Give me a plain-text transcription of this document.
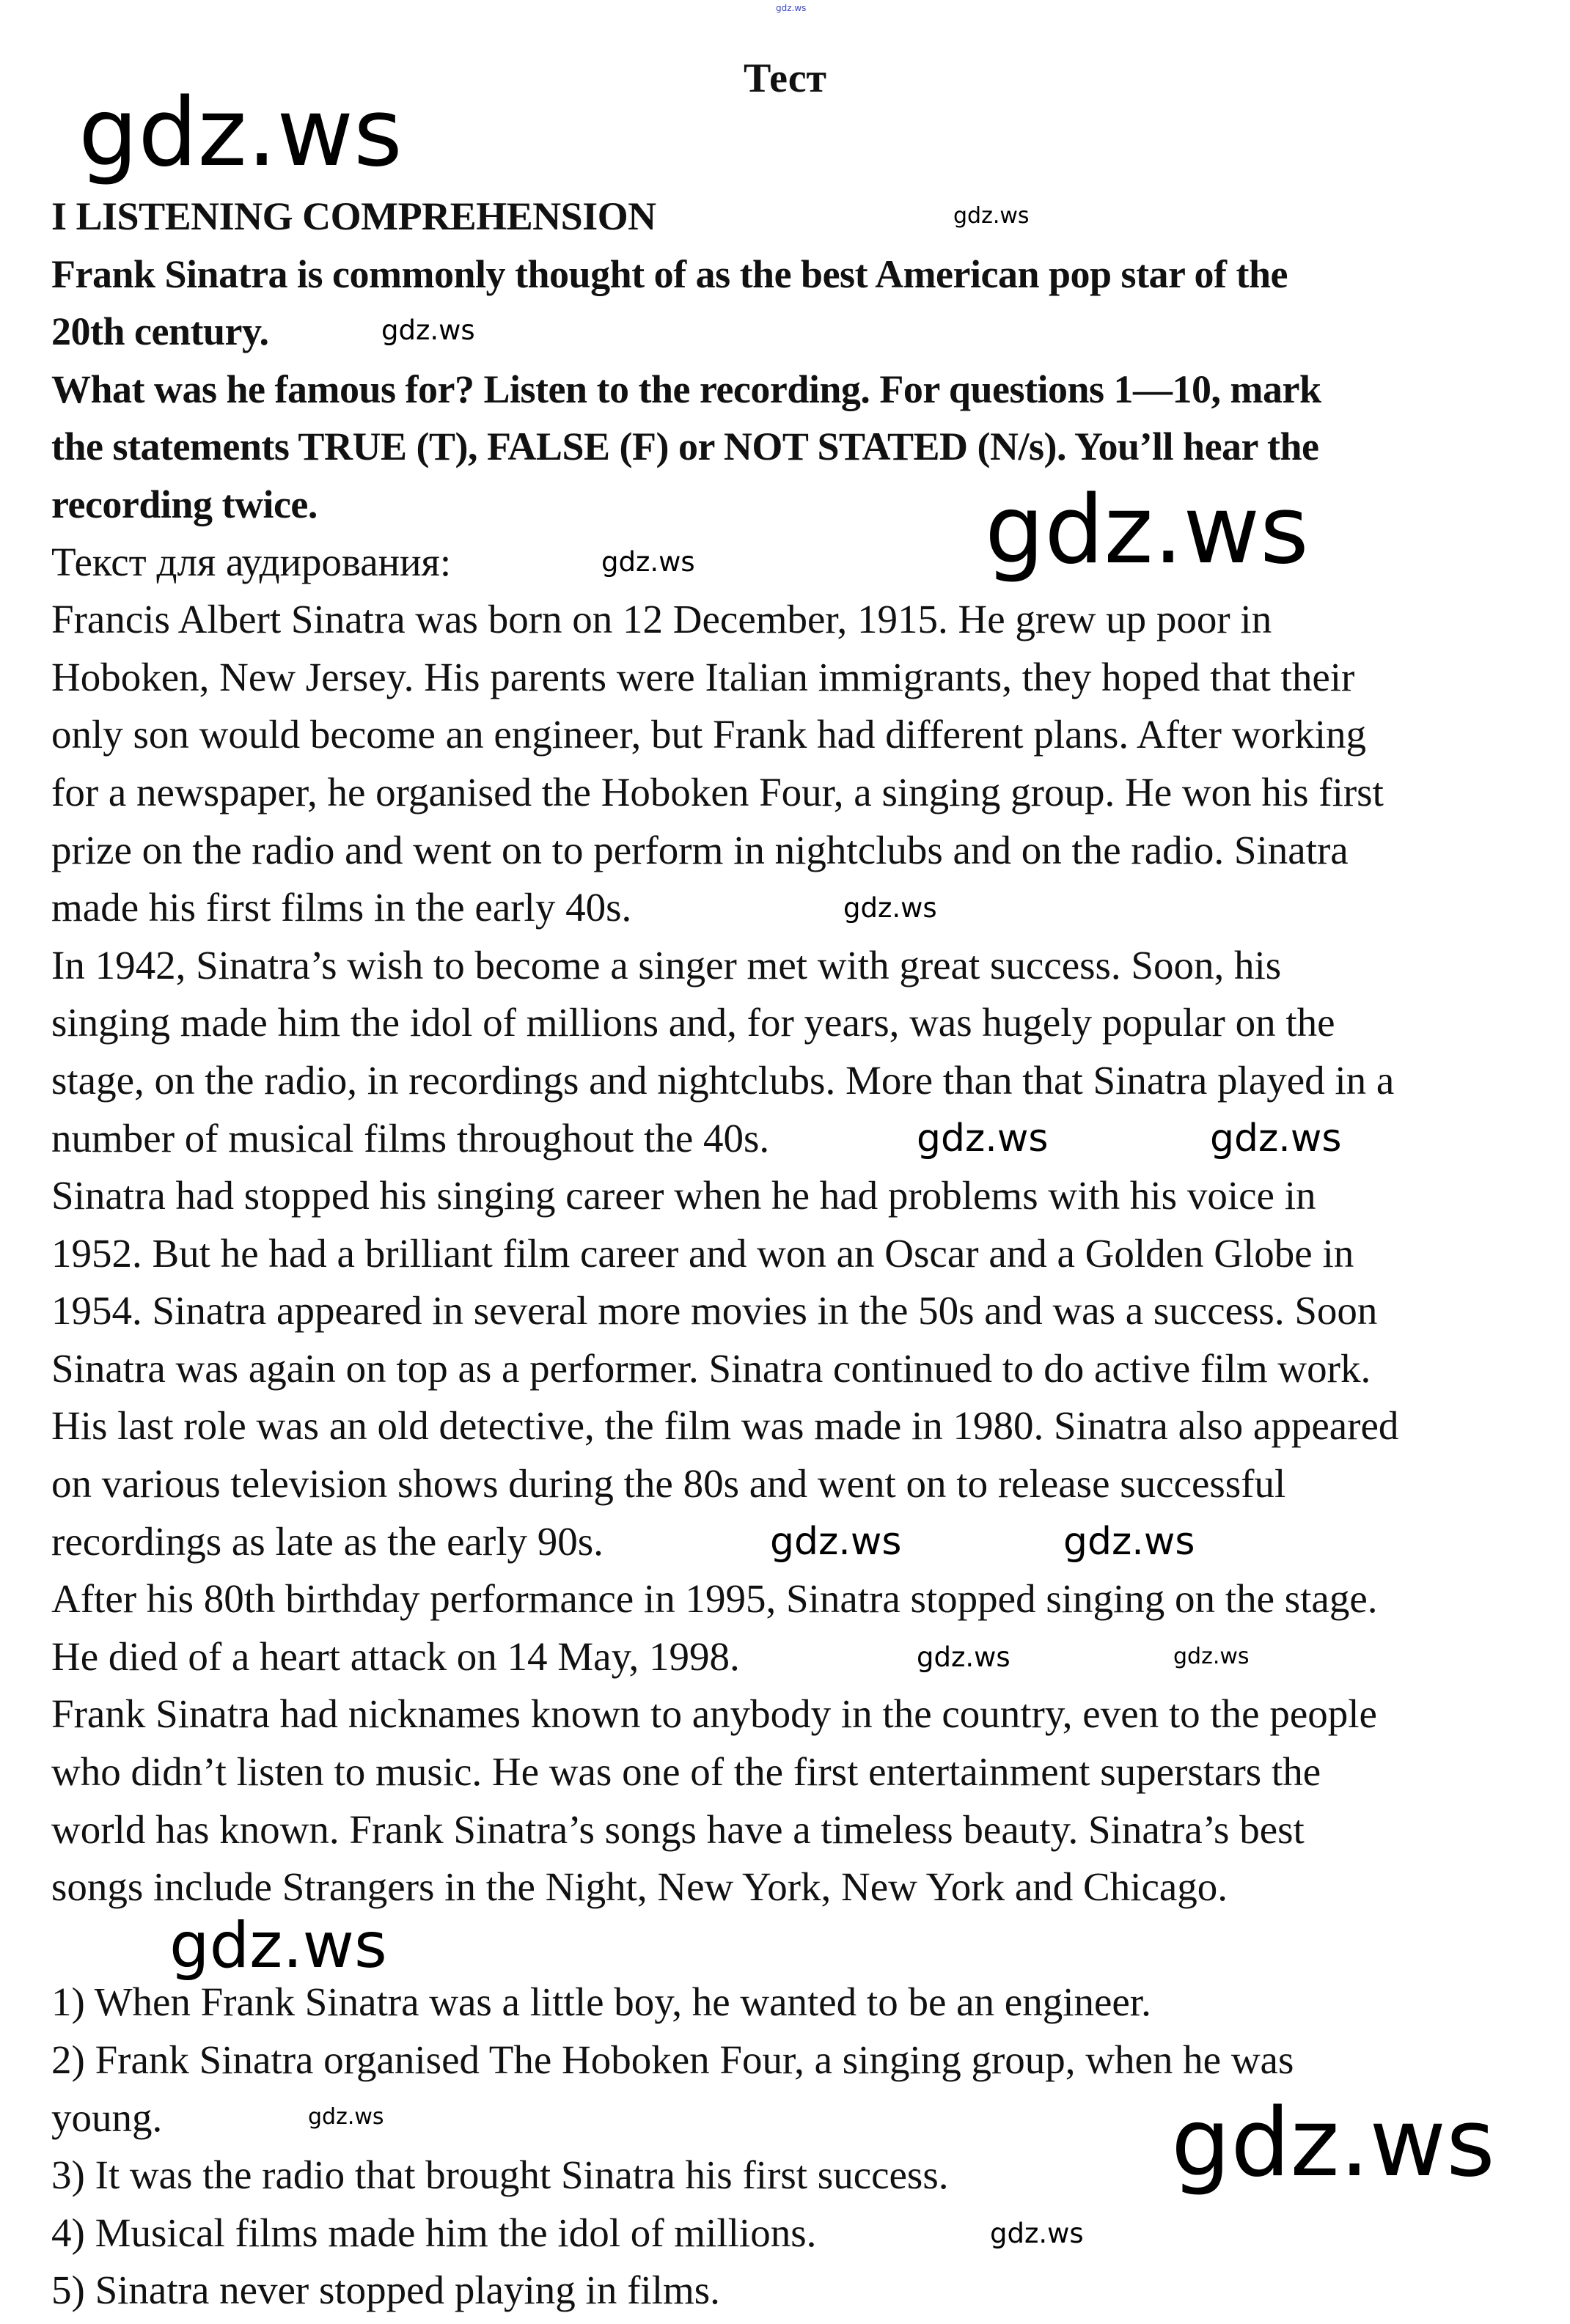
gdz.ws
Тест
I LISTENING COMPREHENSION
Frank Sinatra is commonly thought of as the best American pop star of the
20th century.
What was he famous for? Listen to the recording. For questions 1—10, mark
the statements TRUE (T), FALSE (F) or NOT STATED (N/s). You’ll hear the
recording twice.
Текст для аудирования:
Francis Albert Sinatra was born on 12 December, 1915. He grew up poor in
Hoboken, New Jersey. His parents were Italian immigrants, they hoped that their
only son would become an engineer, but Frank had different plans. After working
for a newspaper, he organised the Hoboken Four, a singing group. He won his first
prize on the radio and went on to perform in nightclubs and on the radio. Sinatra
made his first films in the early 40s.
In 1942, Sinatra’s wish to become a singer met with great success. Soon, his
singing made him the idol of millions and, for years, was hugely popular on the
stage, on the radio, in recordings and nightclubs. More than that Sinatra played in a
number of musical films throughout the 40s.
Sinatra had stopped his singing career when he had problems with his voice in
1952. But he had a brilliant film career and won an Oscar and a Golden Globe in
1954. Sinatra appeared in several more movies in the 50s and was a success. Soon
Sinatra was again on top as a performer. Sinatra continued to do active film work.
His last role was an old detective, the film was made in 1980. Sinatra also appeared
on various television shows during the 80s and went on to release successful
recordings as late as the early 90s.
After his 80th birthday performance in 1995, Sinatra stopped singing on the stage.
He died of a heart attack on 14 May, 1998.
Frank Sinatra had nicknames known to anybody in the country, even to the people
who didn’t listen to music. He was one of the first entertainment superstars the
world has known. Frank Sinatra’s songs have a timeless beauty. Sinatra’s best
songs include Strangers in the Night, New York, New York and Chicago.
1) When Frank Sinatra was a little boy, he wanted to be an engineer.
2) Frank Sinatra organised The Hoboken Four, a singing group, when he was
young.
3) It was the radio that brought Sinatra his first success.
4) Musical films made him the idol of millions.
5) Sinatra never stopped playing in films.
gdz.ws
gdz.ws
gdz.ws
gdz.ws
gdz.ws
gdz.ws
gdz.ws	gdz.ws
gdz.ws	gdz.ws
gdz.ws	gdz.ws
gdz.ws
gdz.ws	gdz.ws
gdz.ws
